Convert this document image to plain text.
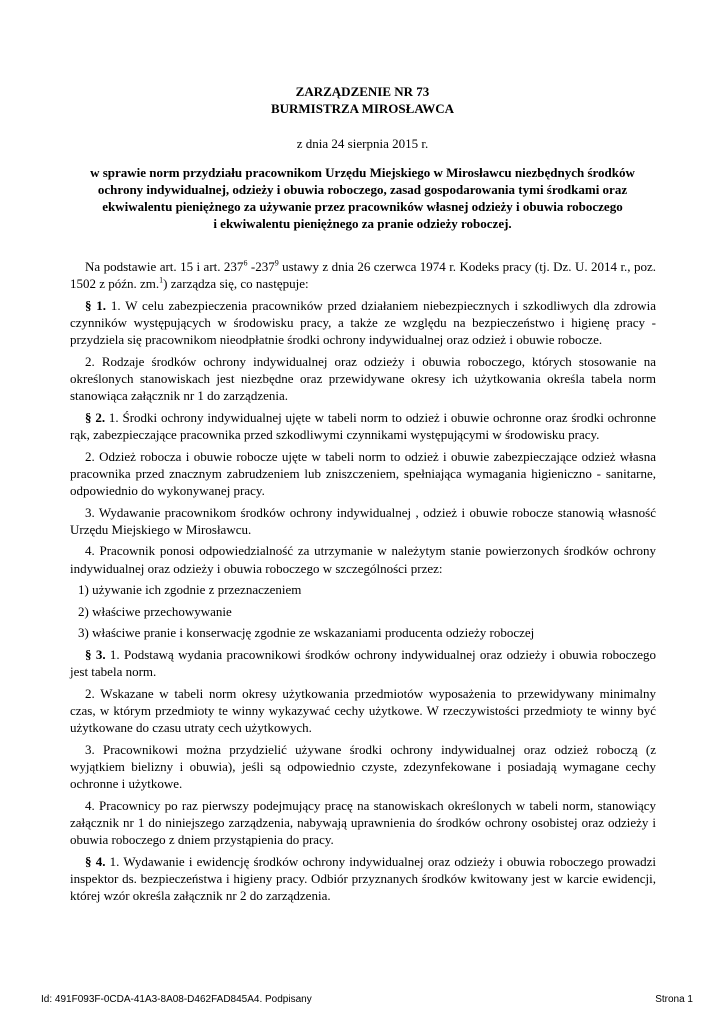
ZARZĄDZENIE NR 73
BURMISTRZA MIROSŁAWCA
z dnia 24 sierpnia 2015 r.
w sprawie norm przydziału pracownikom Urzędu Miejskiego w Mirosławcu niezbędnych środków
ochrony indywidualnej, odzieży i obuwia roboczego, zasad gospodarowania tymi środkami oraz
ekwiwalentu pieniężnego za używanie przez pracowników własnej odzieży i obuwia roboczego
i ekwiwalentu pieniężnego za pranie odzieży roboczej.

Na podstawie art. 15 i art. $237^6$ $-237^9$ ustawy z dnia 26 czerwca 1974 r. Kodeks pracy (tj. Dz. U. 2014 r., poz. 1502 z późn. zm.$^1$) zarządza się, co następuje:

§ 1. 1. W celu zabezpieczenia pracowników przed działaniem niebezpiecznych i szkodliwych dla zdrowia czynników występujących w środowisku pracy, a także ze względu na bezpieczeństwo i higienę pracy - przydziela się pracownikom nieodpłatnie środki ochrony indywidualnej oraz odzież i obuwie robocze.

2. Rodzaje środków ochrony indywidualnej oraz odzieży i obuwia roboczego, których stosowanie na określonych stanowiskach jest niezbędne oraz przewidywane okresy ich użytkowania określa tabela norm stanowiąca załącznik nr 1 do zarządzenia.

§ 2. 1. Środki ochrony indywidualnej ujęte w tabeli norm to odzież i obuwie ochronne oraz środki ochronne rąk, zabezpieczające pracownika przed szkodliwymi czynnikami występującymi w środowisku pracy.

2. Odzież robocza i obuwie robocze ujęte w tabeli norm to odzież i obuwie zabezpieczające odzież własna pracownika przed znacznym zabrudzeniem lub zniszczeniem, spełniająca wymagania higieniczno - sanitarne, odpowiednio do wykonywanej pracy.

3. Wydawanie pracownikom środków ochrony indywidualnej , odzież i obuwie robocze stanowią własność Urzędu Miejskiego w Mirosławcu.

4. Pracownik ponosi odpowiedzialność za utrzymanie w należytym stanie powierzonych środków ochrony indywidualnej oraz odzieży i obuwia roboczego w szczególności przez:

1) używanie ich zgodnie z przeznaczeniem

2) właściwe przechowywanie

3) właściwe pranie i konserwację zgodnie ze wskazaniami producenta odzieży roboczej

§ 3. 1. Podstawą wydania pracownikowi środków ochrony indywidualnej oraz odzieży i obuwia roboczego jest tabela norm.

2. Wskazane w tabeli norm okresy użytkowania przedmiotów wyposażenia to przewidywany minimalny czas, w którym przedmioty te winny wykazywać cechy użytkowe. W rzeczywistości przedmioty te winny być użytkowane do czasu utraty cech użytkowych.

3. Pracownikowi można przydzielić używane środki ochrony indywidualnej oraz odzież roboczą (z wyjątkiem bielizny i obuwia), jeśli są odpowiednio czyste, zdezynfekowane i posiadają wymagane cechy ochronne i użytkowe.

4. Pracownicy po raz pierwszy podejmujący pracę na stanowiskach określonych w tabeli norm, stanowiący załącznik nr 1 do niniejszego zarządzenia, nabywają uprawnienia do środków ochrony osobistej oraz odzieży i obuwia roboczego z dniem przystąpienia do pracy.

§ 4. 1. Wydawanie i ewidencję środków ochrony indywidualnej oraz odzieży i obuwia roboczego prowadzi inspektor ds. bezpieczeństwa i higieny pracy. Odbiór przyznanych środków kwitowany jest w karcie ewidencji, której wzór określa załącznik nr 2 do zarządzenia.

Id: 491F093F-0CDA-41A3-8A08-D462FAD845A4. Podpisany	Strona 1
